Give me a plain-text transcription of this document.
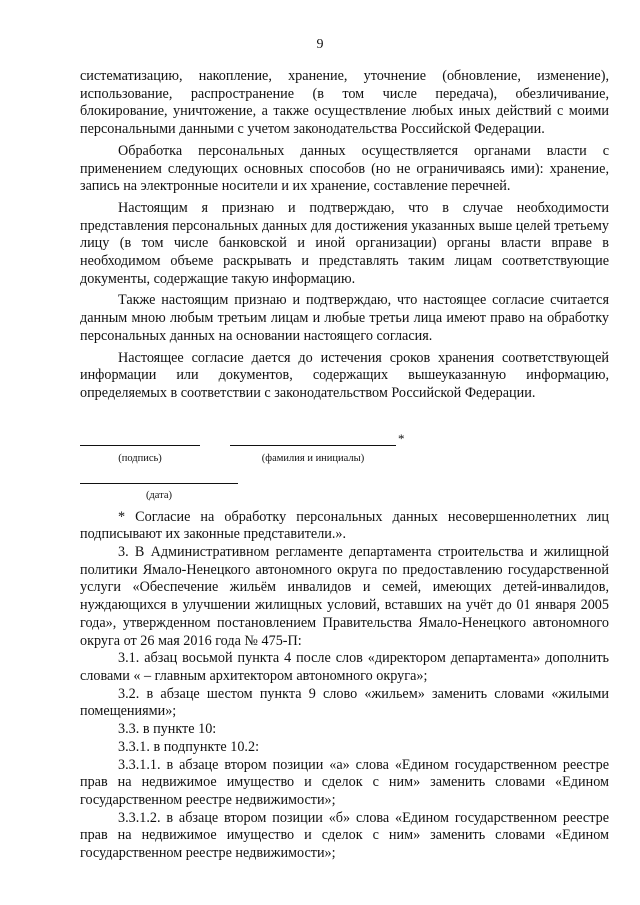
9

систематизацию, накопление, хранение, уточнение (обновление, изменение), использование, распространение (в том числе передача), обезличивание, блокирование, уничтожение, а также осуществление любых иных действий с моими персональными данными с учетом законодательства Российской Федерации.

Обработка персональных данных осуществляется органами власти с применением следующих основных способов (но не ограничиваясь ими): хранение, запись на электронные носители и их хранение, составление перечней.

Настоящим я признаю и подтверждаю, что в случае необходимости представления персональных данных для достижения указанных выше целей третьему лицу (в том числе банковской и иной организации) органы власти вправе в необходимом объеме раскрывать и представлять таким лицам соответствующие документы, содержащие такую информацию.

Также настоящим признаю и подтверждаю, что настоящее согласие считается данным мною любым третьим лицам и любые третьи лица имеют право на обработку персональных данных на основании настоящего согласия.

Настоящее согласие дается до истечения сроков хранения соответствующей информации или документов, содержащих вышеуказанную информацию, определяемых в соответствии с законодательством Российской Федерации.

(подпись)
*
(фамилия и инициалы)
(дата)

* Согласие на обработку персональных данных несовершеннолетних лиц подписывают их законные представители.».

3. В Административном регламенте департамента строительства и жилищной политики Ямало-Ненецкого автономного округа по предоставлению государственной услуги «Обеспечение жильём инвалидов и семей, имеющих детей-инвалидов, нуждающихся в улучшении жилищных условий, вставших на учёт до 01 января 2005 года», утвержденном постановлением Правительства Ямало-Ненецкого автономного округа от 26 мая 2016 года № 475-П:

3.1. абзац восьмой пункта 4 после слов «директором департамента» дополнить словами « – главным архитектором автономного округа»;

3.2. в абзаце шестом пункта 9 слово «жильем» заменить словами «жилыми помещениями»;

3.3. в пункте 10:

3.3.1. в подпункте 10.2:

3.3.1.1. в абзаце втором позиции «а» слова «Едином государственном реестре прав на недвижимое имущество и сделок с ним» заменить словами «Едином государственном реестре недвижимости»;

3.3.1.2. в абзаце втором позиции «б» слова «Едином государственном реестре прав на недвижимое имущество и сделок с ним» заменить словами «Едином государственном реестре недвижимости»;
